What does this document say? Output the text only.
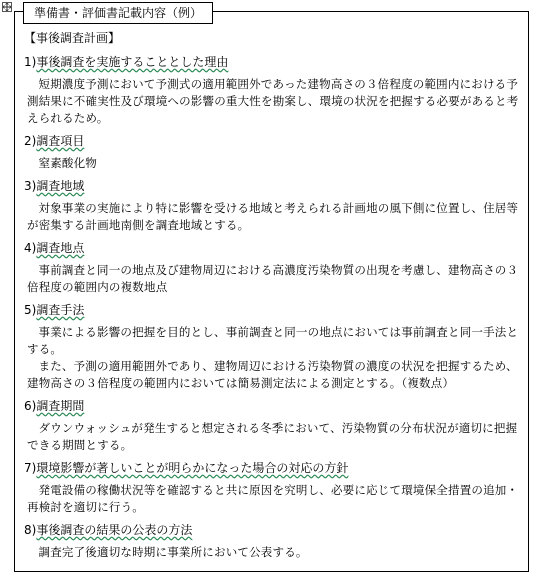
準備書・評価書記載内容（例）
【事後調査計画】
1)事後調査を実施することとした理由
短期濃度予測において予測式の適用範囲外であった建物高さの３倍程度の範囲内における予測結果に不確実性及び環境への影響の重大性を勘案し、環境の状況を把握する必要があると考えられるため。
2)調査項目
窒素酸化物
3)調査地域
対象事業の実施により特に影響を受ける地域と考えられる計画地の風下側に位置し、住居等が密集する計画地南側を調査地域とする。
4)調査地点
事前調査と同一の地点及び建物周辺における高濃度汚染物質の出現を考慮し、建物高さの３倍程度の範囲内の複数地点
5)調査手法
事業による影響の把握を目的とし、事前調査と同一の地点においては事前調査と同一手法とする。
また、予測の適用範囲外であり、建物周辺における汚染物質の濃度の状況を把握するため、建物高さの３倍程度の範囲内においては簡易測定法による測定とする。（複数点）
6)調査期間
ダウンウォッシュが発生すると想定される冬季において、汚染物質の分布状況が適切に把握できる期間とする。
7)環境影響が著しいことが明らかになった場合の対応の方針
発電設備の稼働状況等を確認すると共に原因を究明し、必要に応じて環境保全措置の追加・再検討を適切に行う。
8)事後調査の結果の公表の方法
調査完了後適切な時期に事業所において公表する。
